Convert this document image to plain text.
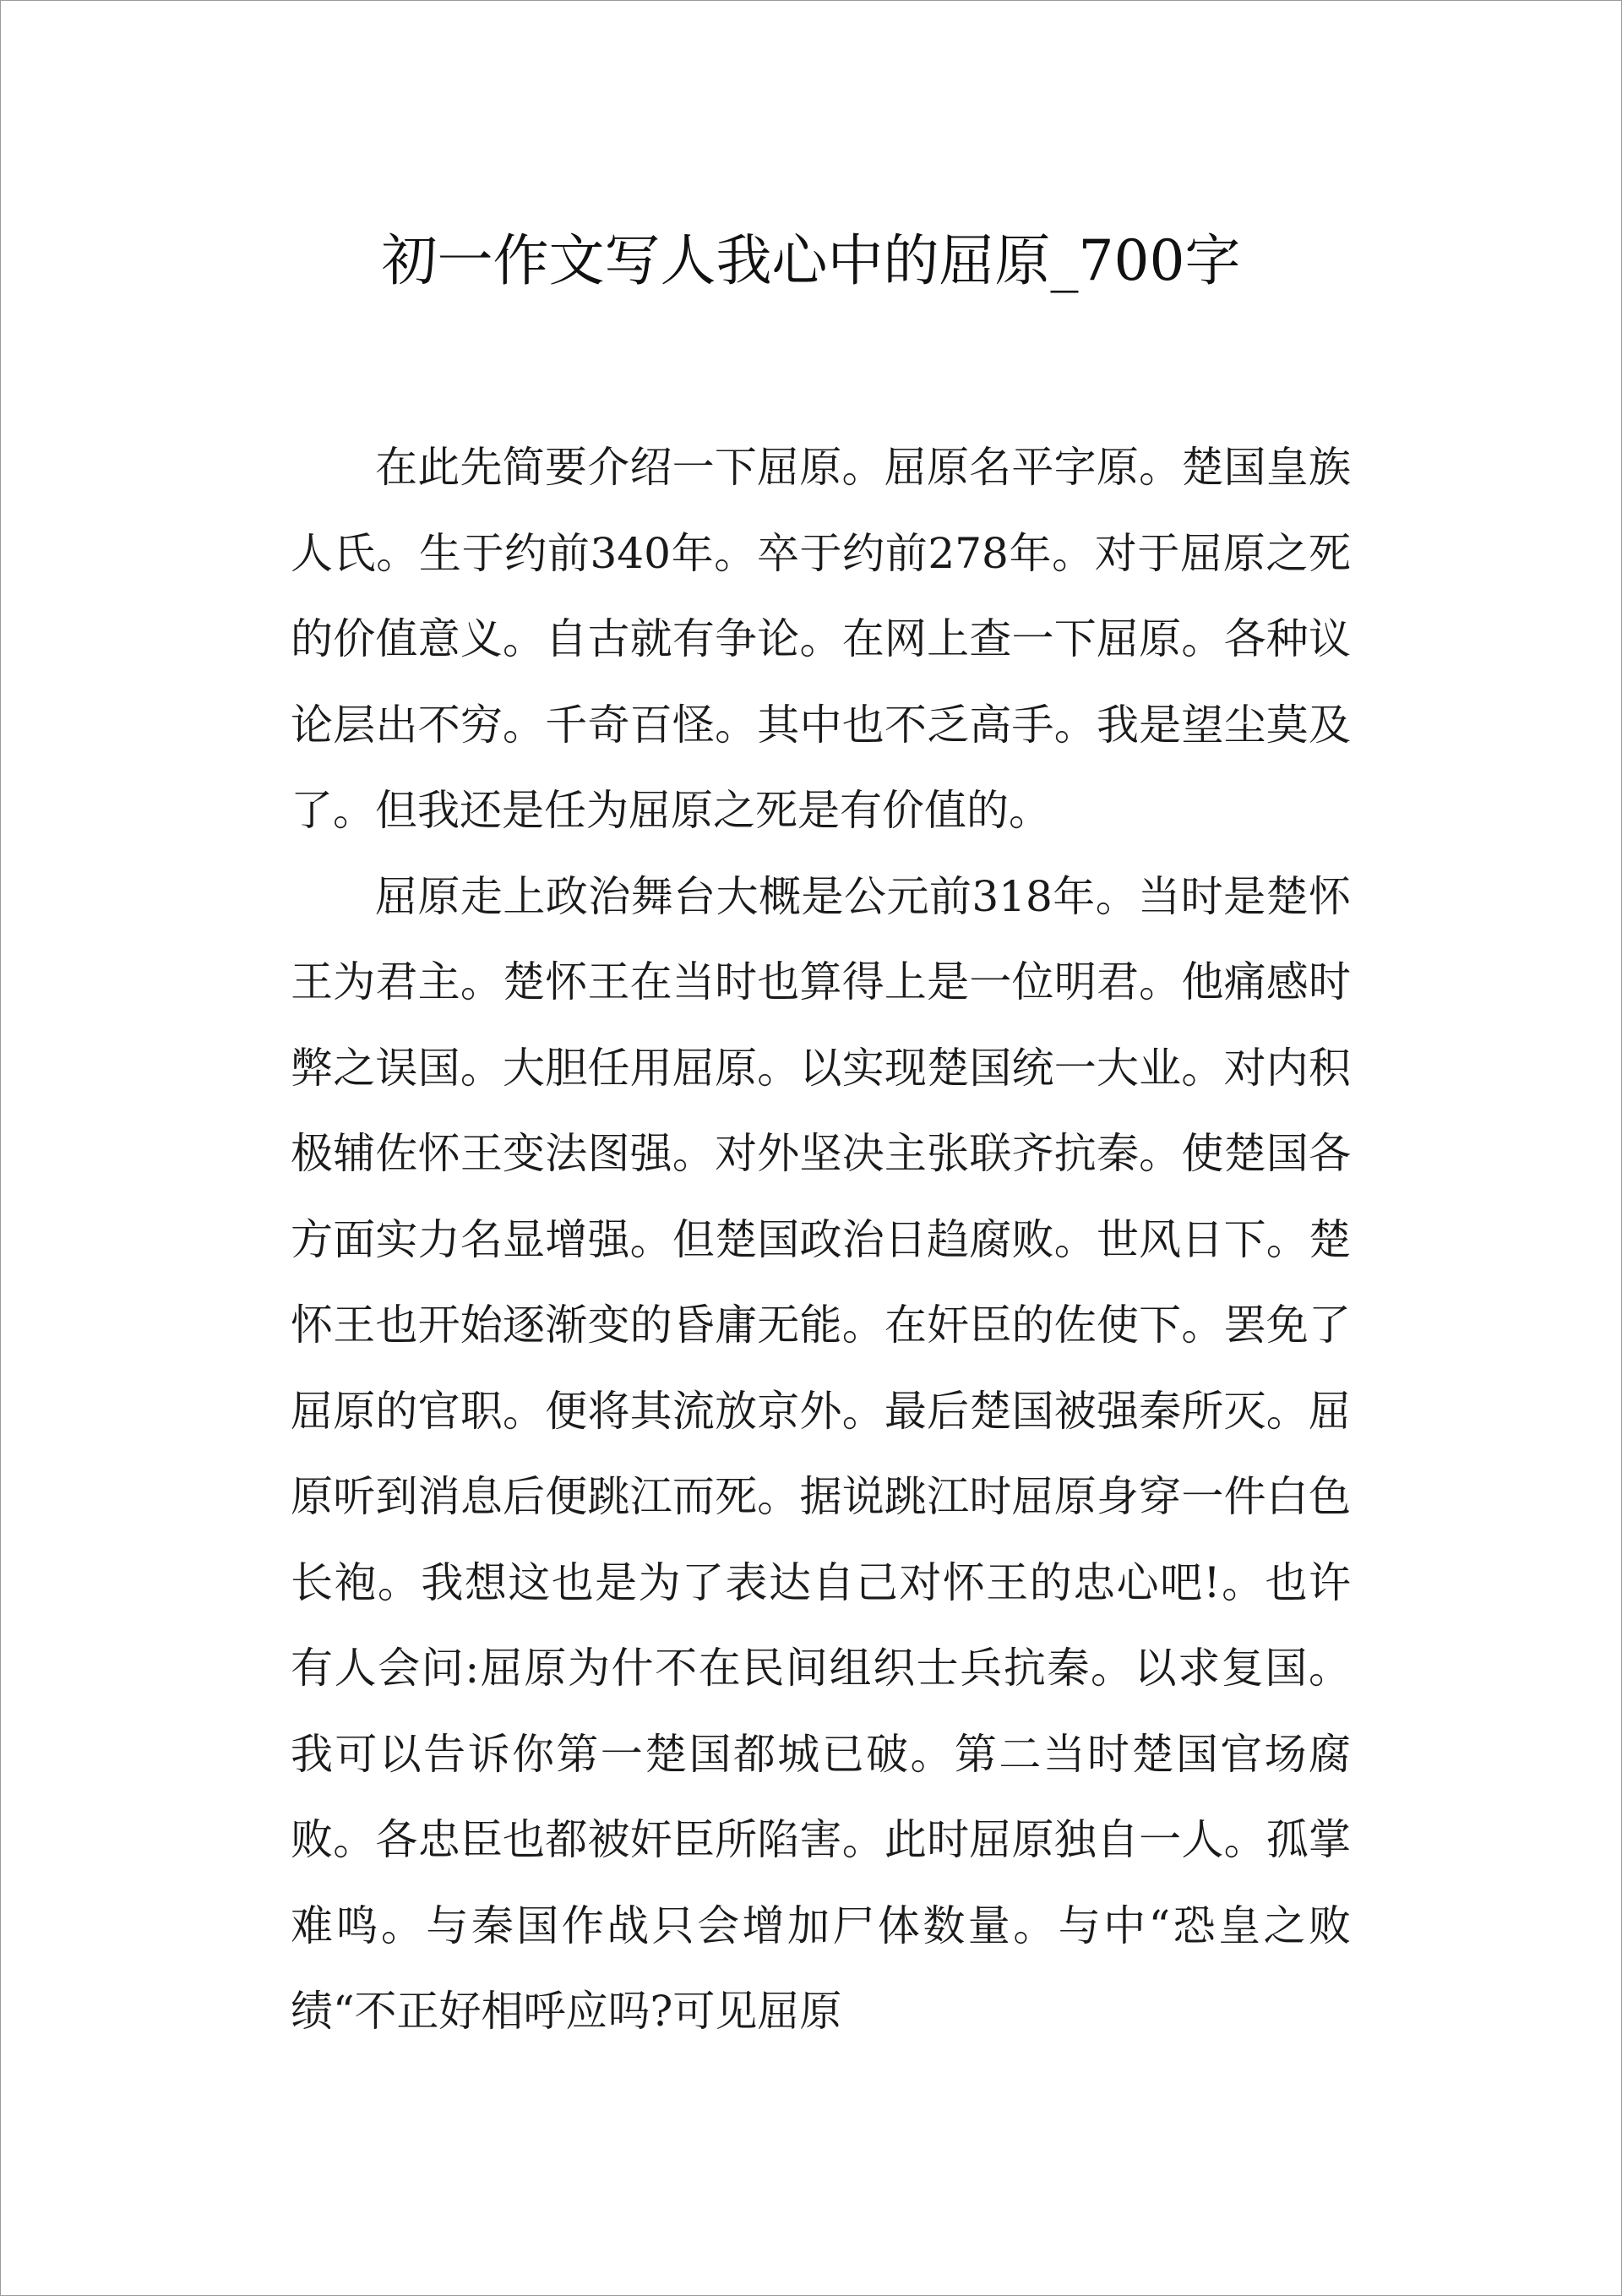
初一作文写人我心中的屈原_700字

在此先简要介绍一下屈原。屈原名平字原。楚国皇族人氏。生于约前340年。卒于约前278年。对于屈原之死的价值意义。自古就有争论。在网上查一下屈原。各种议论层出不穷。千奇百怪。其中也不乏高手。我是望尘莫及了。但我还是任为屈原之死是有价值的。

屈原走上政治舞台大概是公元前318年。当时是楚怀王为君主。楚怀王在当时也算得上是一位明君。他痛感时弊之误国。大胆任用屈原。以实现楚国统一大业。对内积极辅佐怀王变法图强。对外坚决主张联齐抗秦。使楚国各方面实力名显增强。但楚国政治日趋腐败。世风日下。楚怀王也开始逐渐变的昏庸无能。在奸臣的佐使下。罢免了屈原的官职。便将其流放京外。最后楚国被强秦所灭。屈原听到消息后便跳江而死。据说跳江时屈原身穿一件白色长袍。我想这也是为了表达自己对怀王的忠心吧!。也许有人会问:屈原为什不在民间组织士兵抗秦。以求复国。我可以告诉你第一楚国都城已破。第二当时楚国官场腐败。各忠臣也都被奸臣所陷害。此时屈原独自一人。孤掌难鸣。与秦国作战只会增加尸体数量。与中“恐皇之败绩“不正好相呼应吗?可见屈原
